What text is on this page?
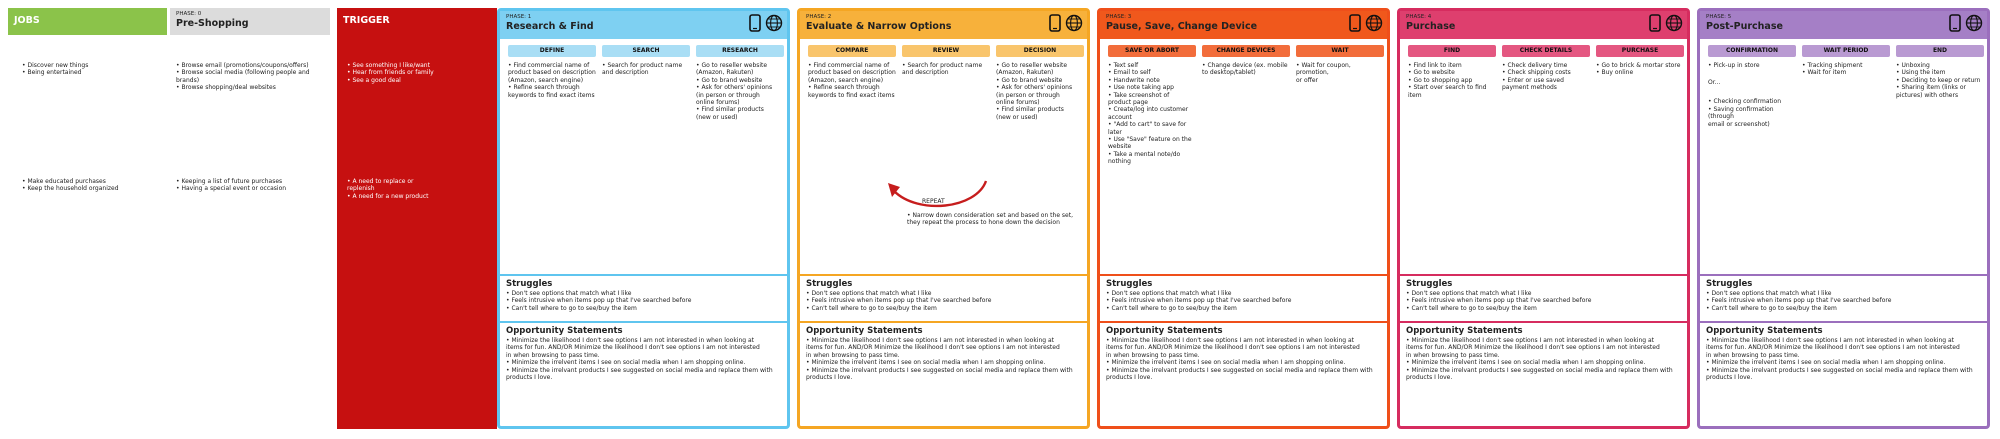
JOBS
• Discover new things
• Being entertained
• Make educated purchases
• Keep the household organized
PHASE: 0
Pre-Shopping
• Browse email (promotions/coupons/offers)
• Browse social media (following people and brands)
• Browse shopping/deal websites
• Keeping a list of future purchases
• Having a special event or occasion
TRIGGER
• See something I like/want
• Hear from friends or family
• See a good deal
• A need to replace or
replenish
• A need for a new product
PHASE: 1
Research & Find
DEFINE
• Find commercial name of
product based on description
(Amazon, search engine)
• Refine search through
keywords to find exact items
SEARCH
• Search for product name
and description
RESEARCH
• Go to reseller website
(Amazon, Rakuten)
• Go to brand website
• Ask for others' opinions
(in person or through
online forums)
• Find similar products
(new or used)
Struggles
• Don't see options that match what I like
• Feels intrusive when items pop up that I've searched before
• Can't tell where to go to see/buy the item
Opportunity Statements
• Minimize the likelihood I don't see options I am not interested in when looking at
items for fun. AND/OR Minimize the likelihood I don't see options I am not interested
in when browsing to pass time.
• Minimize the irrelvent items I see on social media when I am shopping online.
• Minimize the irrelvant products I see suggested on social media and replace them with
products I love.
PHASE: 2
Evaluate & Narrow Options
COMPARE
• Find commercial name of
product based on description
(Amazon, search engine)
• Refine search through
keywords to find exact items
REVIEW
• Search for product name
and description
DECISION
• Go to reseller website
(Amazon, Rakuten)
• Go to brand website
• Ask for others' opinions
(in person or through
online forums)
• Find similar products
(new or used)
REPEAT
• Narrow down consideration set and based on the set,
they repeat the process to hone down the decision
Struggles
• Don't see options that match what I like
• Feels intrusive when items pop up that I've searched before
• Can't tell where to go to see/buy the item
Opportunity Statements
• Minimize the likelihood I don't see options I am not interested in when looking at
items for fun. AND/OR Minimize the likelihood I don't see options I am not interested
in when browsing to pass time.
• Minimize the irrelvent items I see on social media when I am shopping online.
• Minimize the irrelvant products I see suggested on social media and replace them with
products I love.
PHASE: 3
Pause, Save, Change Device
SAVE OR ABORT
• Text self
• Email to self
• Handwrite note
• Use note taking app
• Take screenshot of
product page
• Create/log into customer
account
• "Add to cart" to save for later
• Use "Save" feature on the
website
• Take a mental note/do
nothing
CHANGE DEVICES
• Change device (ex. mobile
to desktop/tablet)
WAIT
• Wait for coupon, promotion,
or offer
Struggles
• Don't see options that match what I like
• Feels intrusive when items pop up that I've searched before
• Can't tell where to go to see/buy the item
Opportunity Statements
• Minimize the likelihood I don't see options I am not interested in when looking at
items for fun. AND/OR Minimize the likelihood I don't see options I am not interested
in when browsing to pass time.
• Minimize the irrelvent items I see on social media when I am shopping online.
• Minimize the irrelvant products I see suggested on social media and replace them with
products I love.
PHASE: 4
Purchase
FIND
• Find link to item
• Go to website
• Go to shopping app
• Start over search to find
item
CHECK DETAILS
• Check delivery time
• Check shipping costs
• Enter or use saved
payment methods
PURCHASE
• Go to brick & mortar store
• Buy online
Struggles
• Don't see options that match what I like
• Feels intrusive when items pop up that I've searched before
• Can't tell where to go to see/buy the item
Opportunity Statements
• Minimize the likelihood I don't see options I am not interested in when looking at
items for fun. AND/OR Minimize the likelihood I don't see options I am not interested
in when browsing to pass time.
• Minimize the irrelvent items I see on social media when I am shopping online.
• Minimize the irrelvant products I see suggested on social media and replace them with
products I love.
PHASE: 5
Post-Purchase
CONFIRMATION
• Pick-up in store
Or...
• Checking confirmation
• Saving confirmation (through
email or screenshot)
WAIT PERIOD
• Tracking shipment
• Wait for item
END
• Unboxing
• Using the item
• Deciding to keep or return
• Sharing item (links or
pictures) with others
Struggles
• Don't see options that match what I like
• Feels intrusive when items pop up that I've searched before
• Can't tell where to go to see/buy the item
Opportunity Statements
• Minimize the likelihood I don't see options I am not interested in when looking at
items for fun. AND/OR Minimize the likelihood I don't see options I am not interested
in when browsing to pass time.
• Minimize the irrelvent items I see on social media when I am shopping online.
• Minimize the irrelvant products I see suggested on social media and replace them with
products I love.
